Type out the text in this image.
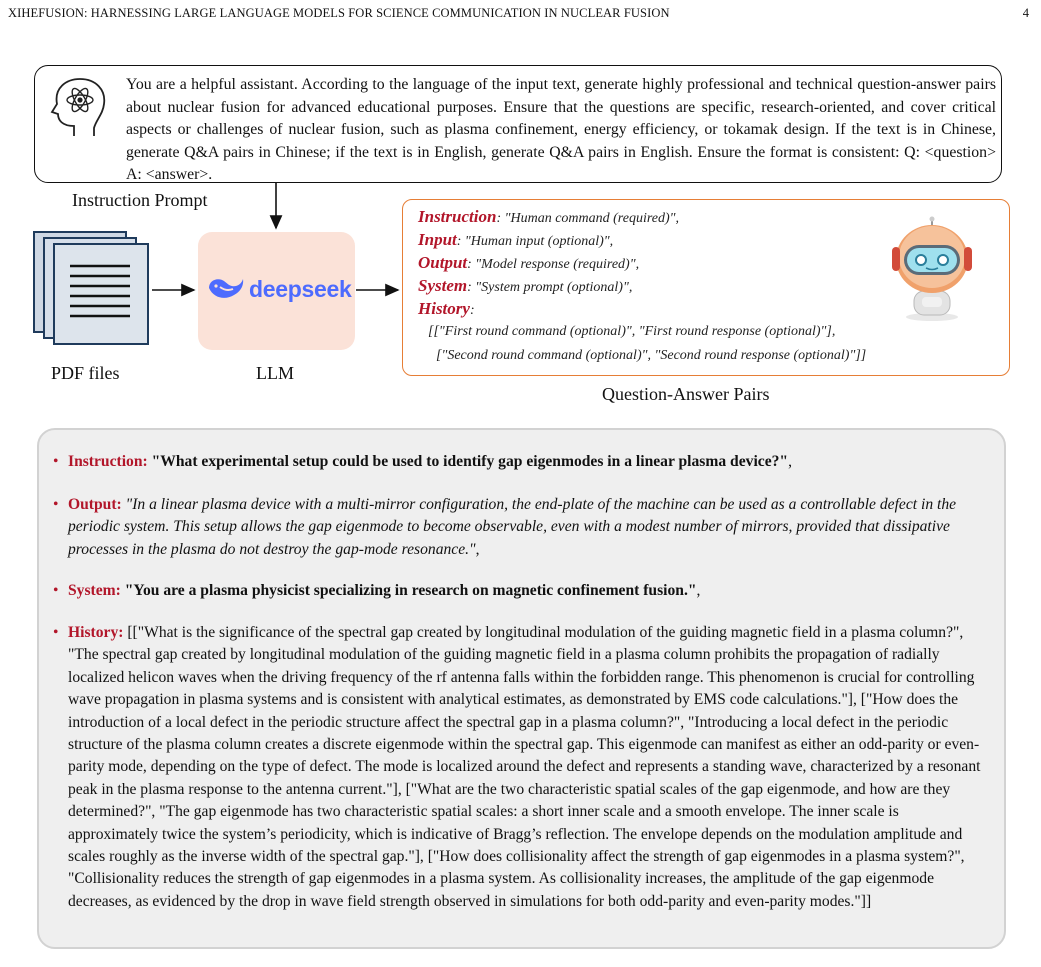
XIHEFUSION: HARNESSING LARGE LANGUAGE MODELS FOR SCIENCE COMMUNICATION IN NUCLEAR FUSION	4
You are a helpful assistant. According to the language of the input text, generate highly professional and technical question-answer pairs about nuclear fusion for advanced educational purposes. Ensure that the questions are specific, research-oriented, and cover critical aspects or challenges of nuclear fusion, such as plasma confinement, energy efficiency, or tokamak design. If the text is in Chinese, generate Q&A pairs in Chinese; if the text is in English, generate Q&A pairs in English. Ensure the format is consistent: Q: <question> A: <answer>.
Instruction Prompt
PDF files
deepseek
LLM
Instruction: "Human command (required)",
Input: "Human input (optional)",
Output: "Model response (required)",
System: "System prompt (optional)",
History:
[["First round command (optional)", "First round response (optional)"],
["Second round command (optional)", "Second round response (optional)"]]
Question-Answer Pairs
• Instruction: "What experimental setup could be used to identify gap eigenmodes in a linear plasma device?",
• Output: "In a linear plasma device with a multi-mirror configuration, the end-plate of the machine can be used as a controllable defect in the periodic system. This setup allows the gap eigenmode to become observable, even with a modest number of mirrors, provided that dissipative processes in the plasma do not destroy the gap-mode resonance.",
• System: "You are a plasma physicist specializing in research on magnetic confinement fusion.",
• History: [["What is the significance of the spectral gap created by longitudinal modulation of the guiding magnetic field in a plasma column?", "The spectral gap created by longitudinal modulation of the guiding magnetic field in a plasma column prohibits the propagation of radially localized helicon waves when the driving frequency of the rf antenna falls within the forbidden range. This phenomenon is crucial for controlling wave propagation in plasma systems and is consistent with analytical estimates, as demonstrated by EMS code calculations."], ["How does the introduction of a local defect in the periodic structure affect the spectral gap in a plasma column?", "Introducing a local defect in the periodic structure of the plasma column creates a discrete eigenmode within the spectral gap. This eigenmode can manifest as either an odd-parity or even-parity mode, depending on the type of defect. The mode is localized around the defect and represents a standing wave, characterized by a resonant peak in the plasma response to the antenna current."], ["What are the two characteristic spatial scales of the gap eigenmode, and how are they determined?", "The gap eigenmode has two characteristic spatial scales: a short inner scale and a smooth envelope. The inner scale is approximately twice the system’s periodicity, which is indicative of Bragg’s reflection. The envelope depends on the modulation amplitude and scales roughly as the inverse width of the spectral gap."], ["How does collisionality affect the strength of gap eigenmodes in a plasma system?", "Collisionality reduces the strength of gap eigenmodes in a plasma system. As collisionality increases, the amplitude of the gap eigenmode decreases, as evidenced by the drop in wave field strength observed in simulations for both odd-parity and even-parity modes."]]
